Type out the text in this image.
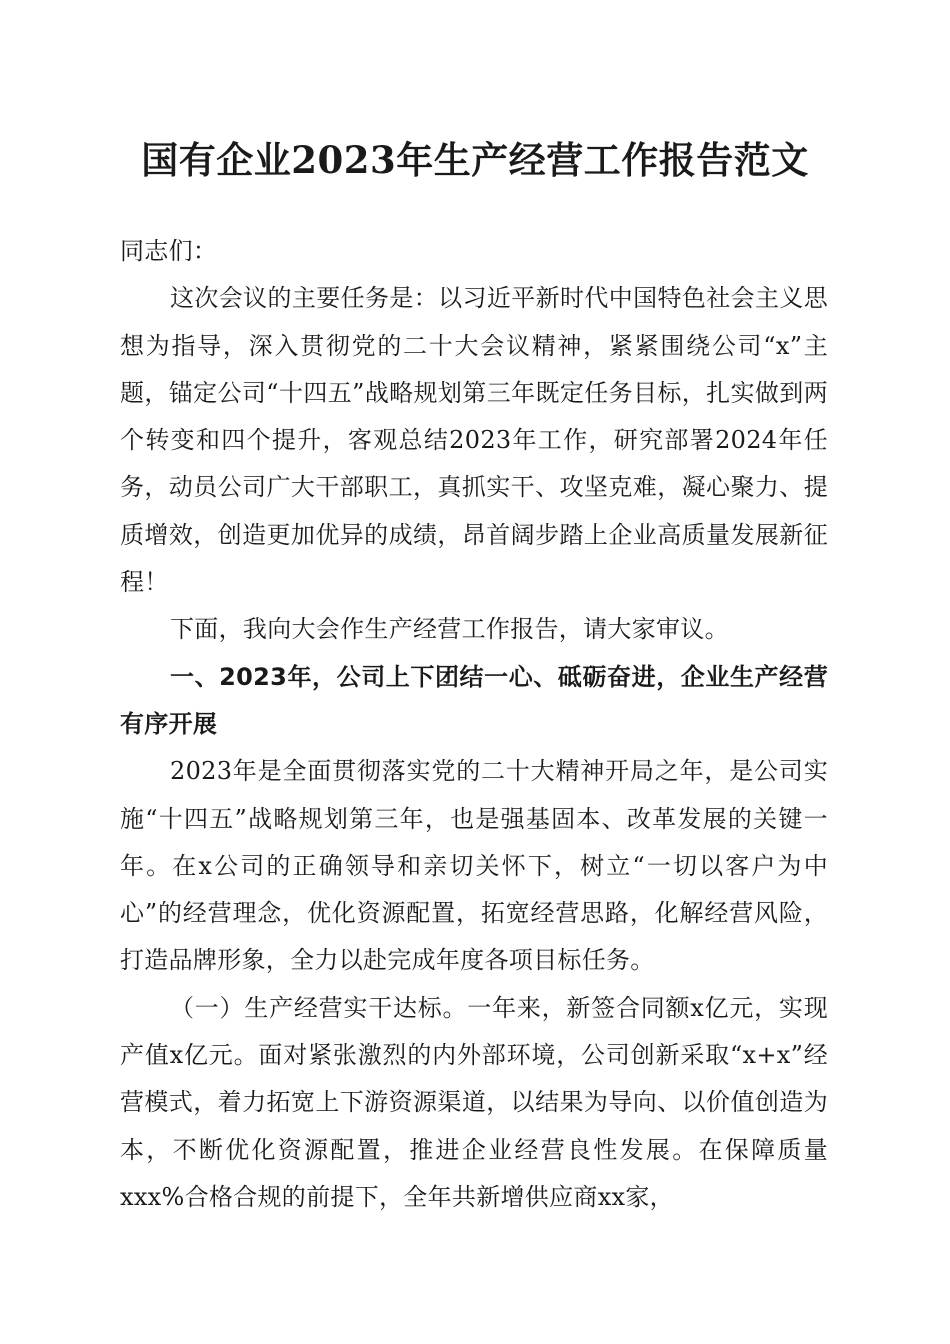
国有企业2023年生产经营工作报告范文

同志们：

这次会议的主要任务是：以习近平新时代中国特色社会主义思想为指导，深入贯彻党的二十大会议精神，紧紧围绕公司“x”主题，锚定公司“十四五”战略规划第三年既定任务目标，扎实做到两个转变和四个提升，客观总结2023年工作，研究部署2024年任务，动员公司广大干部职工，真抓实干、攻坚克难，凝心聚力、提质增效，创造更加优异的成绩，昂首阔步踏上企业高质量发展新征程！

下面，我向大会作生产经营工作报告，请大家审议。

一、2023年，公司上下团结一心、砥砺奋进，企业生产经营有序开展

2023年是全面贯彻落实党的二十大精神开局之年，是公司实施“十四五”战略规划第三年，也是强基固本、改革发展的关键一年。在x公司的正确领导和亲切关怀下，树立“一切以客户为中心”的经营理念，优化资源配置，拓宽经营思路，化解经营风险，打造品牌形象，全力以赴完成年度各项目标任务。

（一）生产经营实干达标。一年来，新签合同额x亿元，实现产值x亿元。面对紧张激烈的内外部环境，公司创新采取“x+x”经营模式，着力拓宽上下游资源渠道，以结果为导向、以价值创造为本，不断优化资源配置，推进企业经营良性发展。在保障质量xxx%合格合规的前提下，全年共新增供应商xx家，
